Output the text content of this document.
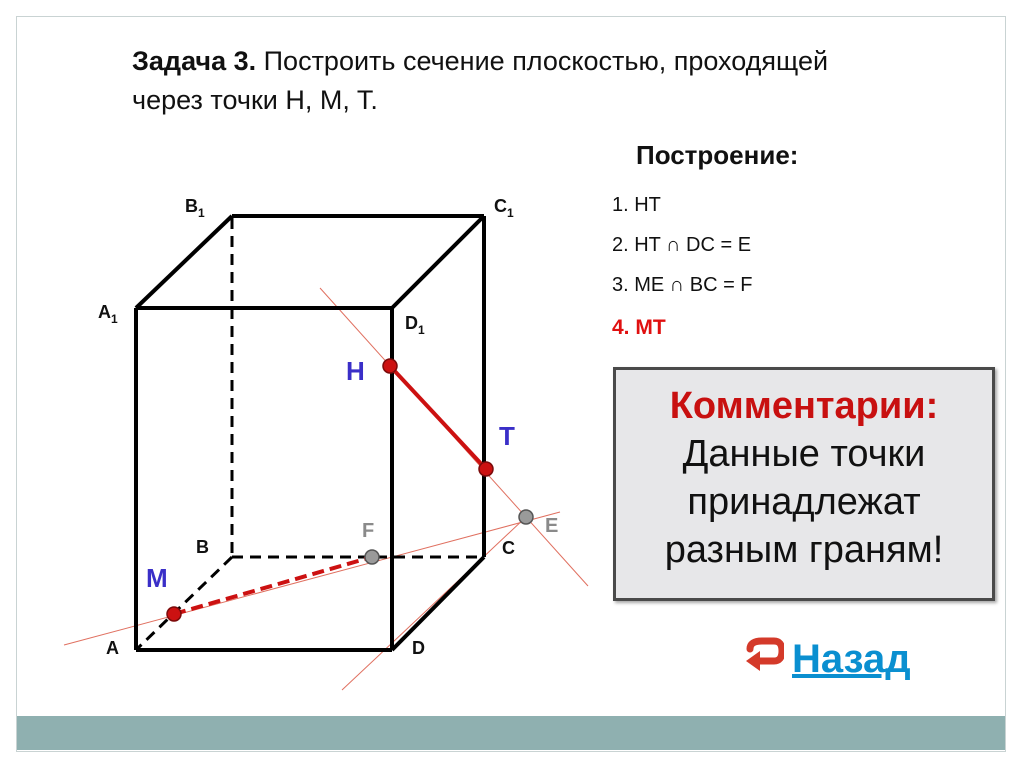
Задача 3. Построить сечение плоскостью, проходящей через точки H, M, T.
Построение:
1. HT
2. HT ∩ DC = E
3. ME ∩ BC = F
4. MT
Комментарии:
Данные точки
принадлежат
разным граням!
Назад
$B_1$	$C_1$
$A_1$	$D_1$
B	C
A	D
H
T
M
E
F
